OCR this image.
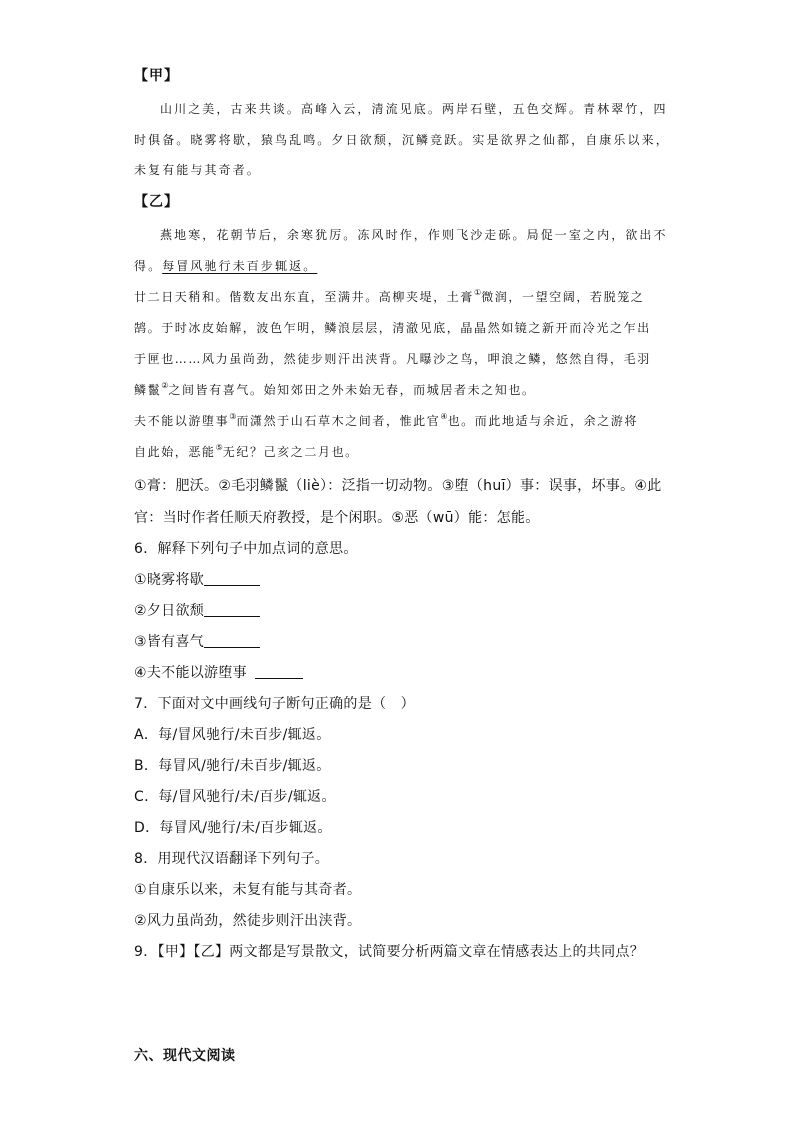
【甲】
山川之美，古来共谈。高峰入云，清流见底。两岸石壁，五色交辉。青林翠竹，四
时俱备。晓雾将歇，猿鸟乱鸣。夕日欲颓，沉鳞竞跃。实是欲界之仙都，自康乐以来，
未复有能与其奇者。
【乙】
燕地寒，花朝节后，余寒犹厉。冻风时作，作则飞沙走砾。局促一室之内，欲出不
得。每冒风驰行未百步辄返。
廿二日天稍和。偕数友出东直，至满井。高柳夹堤，土膏①微润，一望空阔，若脱笼之
鹄。于时冰皮始解，波色乍明，鳞浪层层，清澈见底，晶晶然如镜之新开而冷光之乍出
于匣也……风力虽尚劲，然徒步则汗出浃背。凡曝沙之鸟，呷浪之鳞，悠然自得，毛羽
鳞鬣②之间皆有喜气。始知郊田之外未始无春，而城居者未之知也。
夫不能以游堕事③而潇然于山石草木之间者，惟此官④也。而此地适与余近，余之游将
自此始，恶能⑤无纪？己亥之二月也。
①膏：肥沃。②毛羽鳞鬣（liè）：泛指一切动物。③堕（huī）事：误事，坏事。④此
官：当时作者任顺天府教授，是个闲职。⑤恶（wū）能：怎能。
6．解释下列句子中加点词的意思。
①晓雾将歇
②夕日欲颓
③皆有喜气
④夫不能以游堕事
7．下面对文中画线句子断句正确的是（　）
A．每/冒风驰行/未百步/辄返。
B．每冒风/驰行/未百步/辄返。
C．每/冒风驰行/未/百步/辄返。
D．每冒风/驰行/未/百步辄返。
8．用现代汉语翻译下列句子。
①自康乐以来，未复有能与其奇者。
②风力虽尚劲，然徒步则汗出浃背。
9．【甲】【乙】两文都是写景散文，试简要分析两篇文章在情感表达上的共同点？
六、现代文阅读
